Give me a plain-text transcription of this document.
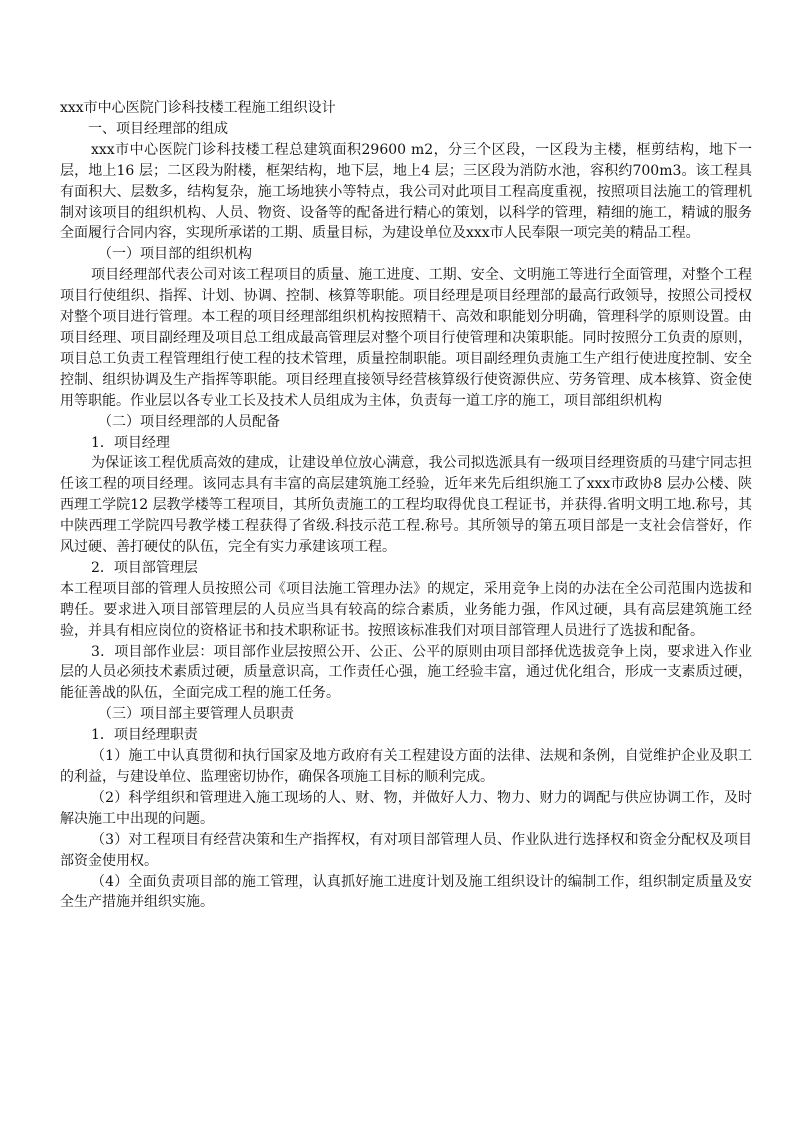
xxx市中心医院门诊科技楼工程施工组织设计

一、项目经理部的组成

xxx市中心医院门诊科技楼工程总建筑面积29600 m2，分三个区段，一区段为主楼，框剪结构，地下一层，地上16 层；二区段为附楼，框架结构，地下层，地上4 层；三区段为消防水池，容积约700m3。该工程具有面积大、层数多，结构复杂，施工场地狭小等特点，我公司对此项目工程高度重视，按照项目法施工的管理机制对该项目的组织机构、人员、物资、设备等的配备进行精心的策划，以科学的管理，精细的施工，精诚的服务全面履行合同内容，实现所承诺的工期、质量目标，为建设单位及xxx市人民奉限一项完美的精品工程。

（一）项目部的组织机构

项目经理部代表公司对该工程项目的质量、施工进度、工期、安全、文明施工等进行全面管理，对整个工程项目行使组织、指挥、计划、协调、控制、核算等职能。项目经理是项目经理部的最高行政领导，按照公司授权对整个项目进行管理。本工程的项目经理部组织机构按照精干、高效和职能划分明确，管理科学的原则设置。由项目经理、项目副经理及项目总工组成最高管理层对整个项目行使管理和决策职能。同时按照分工负责的原则，项目总工负责工程管理组行使工程的技术管理，质量控制职能。项目副经理负责施工生产组行使进度控制、安全控制、组织协调及生产指挥等职能。项目经理直接领导经营核算级行使资源供应、劳务管理、成本核算、资金使用等职能。作业层以各专业工长及技术人员组成为主体，负责每一道工序的施工，项目部组织机构

（二）项目经理部的人员配备

1．项目经理

为保证该工程优质高效的建成，让建设单位放心满意，我公司拟选派具有一级项目经理资质的马建宁同志担任该工程的项目经理。该同志具有丰富的高层建筑施工经验，近年来先后组织施工了xxx市政协8 层办公楼、陕西理工学院12 层教学楼等工程项目，其所负责施工的工程均取得优良工程证书，并获得.省明文明工地.称号，其中陕西理工学院四号教学楼工程获得了省级.科技示范工程.称号。其所领导的第五项目部是一支社会信誉好，作风过硬、善打硬仗的队伍，完全有实力承建该项工程。

2．项目部管理层

本工程项目部的管理人员按照公司《项目法施工管理办法》的规定，采用竞争上岗的办法在全公司范围内选拔和聘任。要求进入项目部管理层的人员应当具有较高的综合素质，业务能力强，作风过硬，具有高层建筑施工经验，并具有相应岗位的资格证书和技术职称证书。按照该标准我们对项目部管理人员进行了选拔和配备。

3．项目部作业层：项目部作业层按照公开、公正、公平的原则由项目部择优选拔竞争上岗，要求进入作业层的人员必须技术素质过硬，质量意识高，工作责任心强，施工经验丰富，通过优化组合，形成一支素质过硬，能征善战的队伍，全面完成工程的施工任务。

（三）项目部主要管理人员职责

1．项目经理职责

（1）施工中认真贯彻和执行国家及地方政府有关工程建设方面的法律、法规和条例，自觉维护企业及职工的利益，与建设单位、监理密切协作，确保各项施工目标的顺利完成。

（2）科学组织和管理进入施工现场的人、财、物，并做好人力、物力、财力的调配与供应协调工作，及时解决施工中出现的问题。

（3）对工程项目有经营决策和生产指挥权，有对项目部管理人员、作业队进行选择权和资金分配权及项目部资金使用权。

（4）全面负责项目部的施工管理，认真抓好施工进度计划及施工组织设计的编制工作，组织制定质量及安全生产措施并组织实施。
